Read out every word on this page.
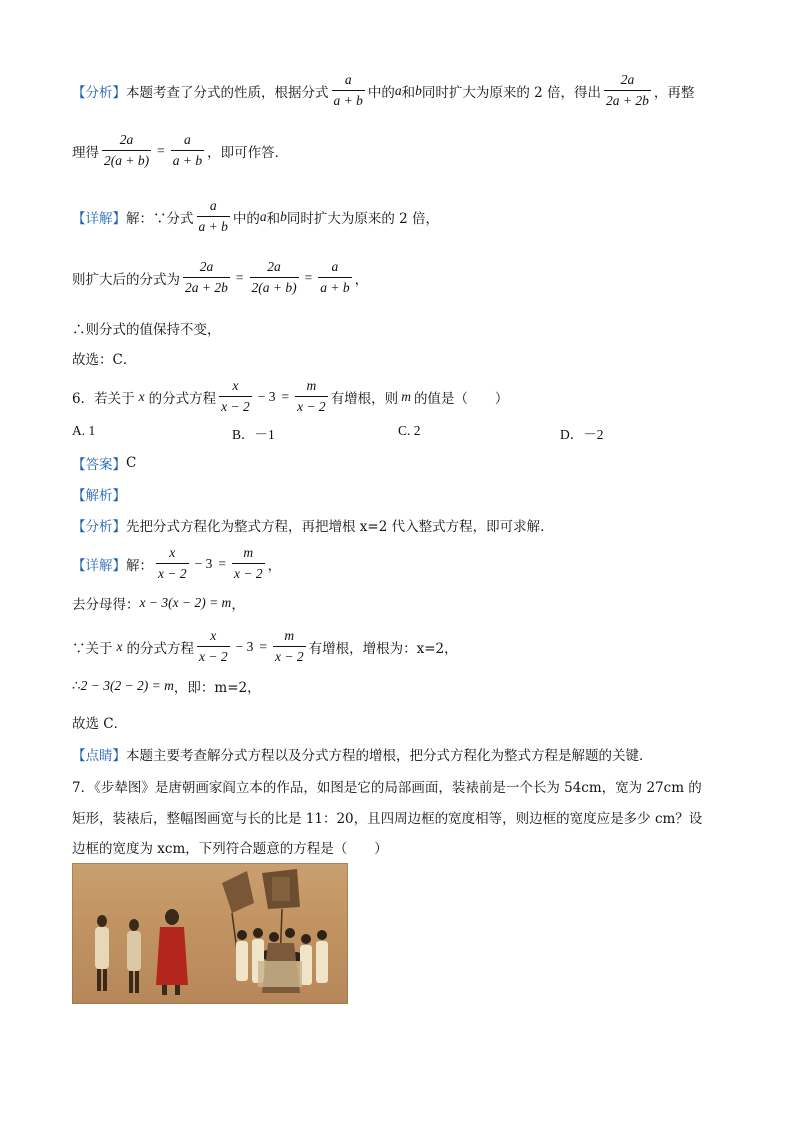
【分析】 本题考查了分式的性质，根据分式 $\frac{a}{a + b}$ 中的 a 和 b 同时扩大为原来的 2 倍，得出 $\frac{2a}{2a + 2b}$ ，再整
理得 $\frac{2a}{2(a + b)} = \frac{a}{a + b}$ ，即可作答．
【详解】 解：∵分式 $\frac{a}{a + b}$ 中的 a 和 b 同时扩大为原来的 2 倍，
则扩大后的分式为 $\frac{2a}{2a + 2b} = \frac{2a}{2(a + b)} = \frac{a}{a + b}$ ，
∴则分式的值保持不变，
故选：C．
6．若关于 x 的分式方程 $\frac{x}{x - 2} - 3 = \frac{m}{x - 2}$ 有增根，则 m 的值是（　　）
A. 1	B．－1	C. 2	D．－2
【答案】 C
【解析】
【分析】 先把分式方程化为整式方程，再把增根 x=2 代入整式方程，即可求解．
【详解】 解： $\frac{x}{x - 2} - 3 = \frac{m}{x - 2}$ ，
去分母得： x − 3(x − 2) = m ，
∵关于 x 的分式方程 $\frac{x}{x - 2} - 3 = \frac{m}{x - 2}$ 有增根，增根为：x=2，
∴ 2 − 3(2 − 2) = m ，即：m=2，
故选 C．
【点睛】 本题主要考查解分式方程以及分式方程的增根，把分式方程化为整式方程是解题的关键．
7．《步辇图》是唐朝画家阎立本的作品，如图是它的局部画面，装裱前是一个长为 54cm，宽为 27cm 的
矩形，装裱后，整幅图画宽与长的比是 11：20，且四周边框的宽度相等，则边框的宽度应是多少 cm？设
边框的宽度为 xcm，下列符合题意的方程是（　　）
